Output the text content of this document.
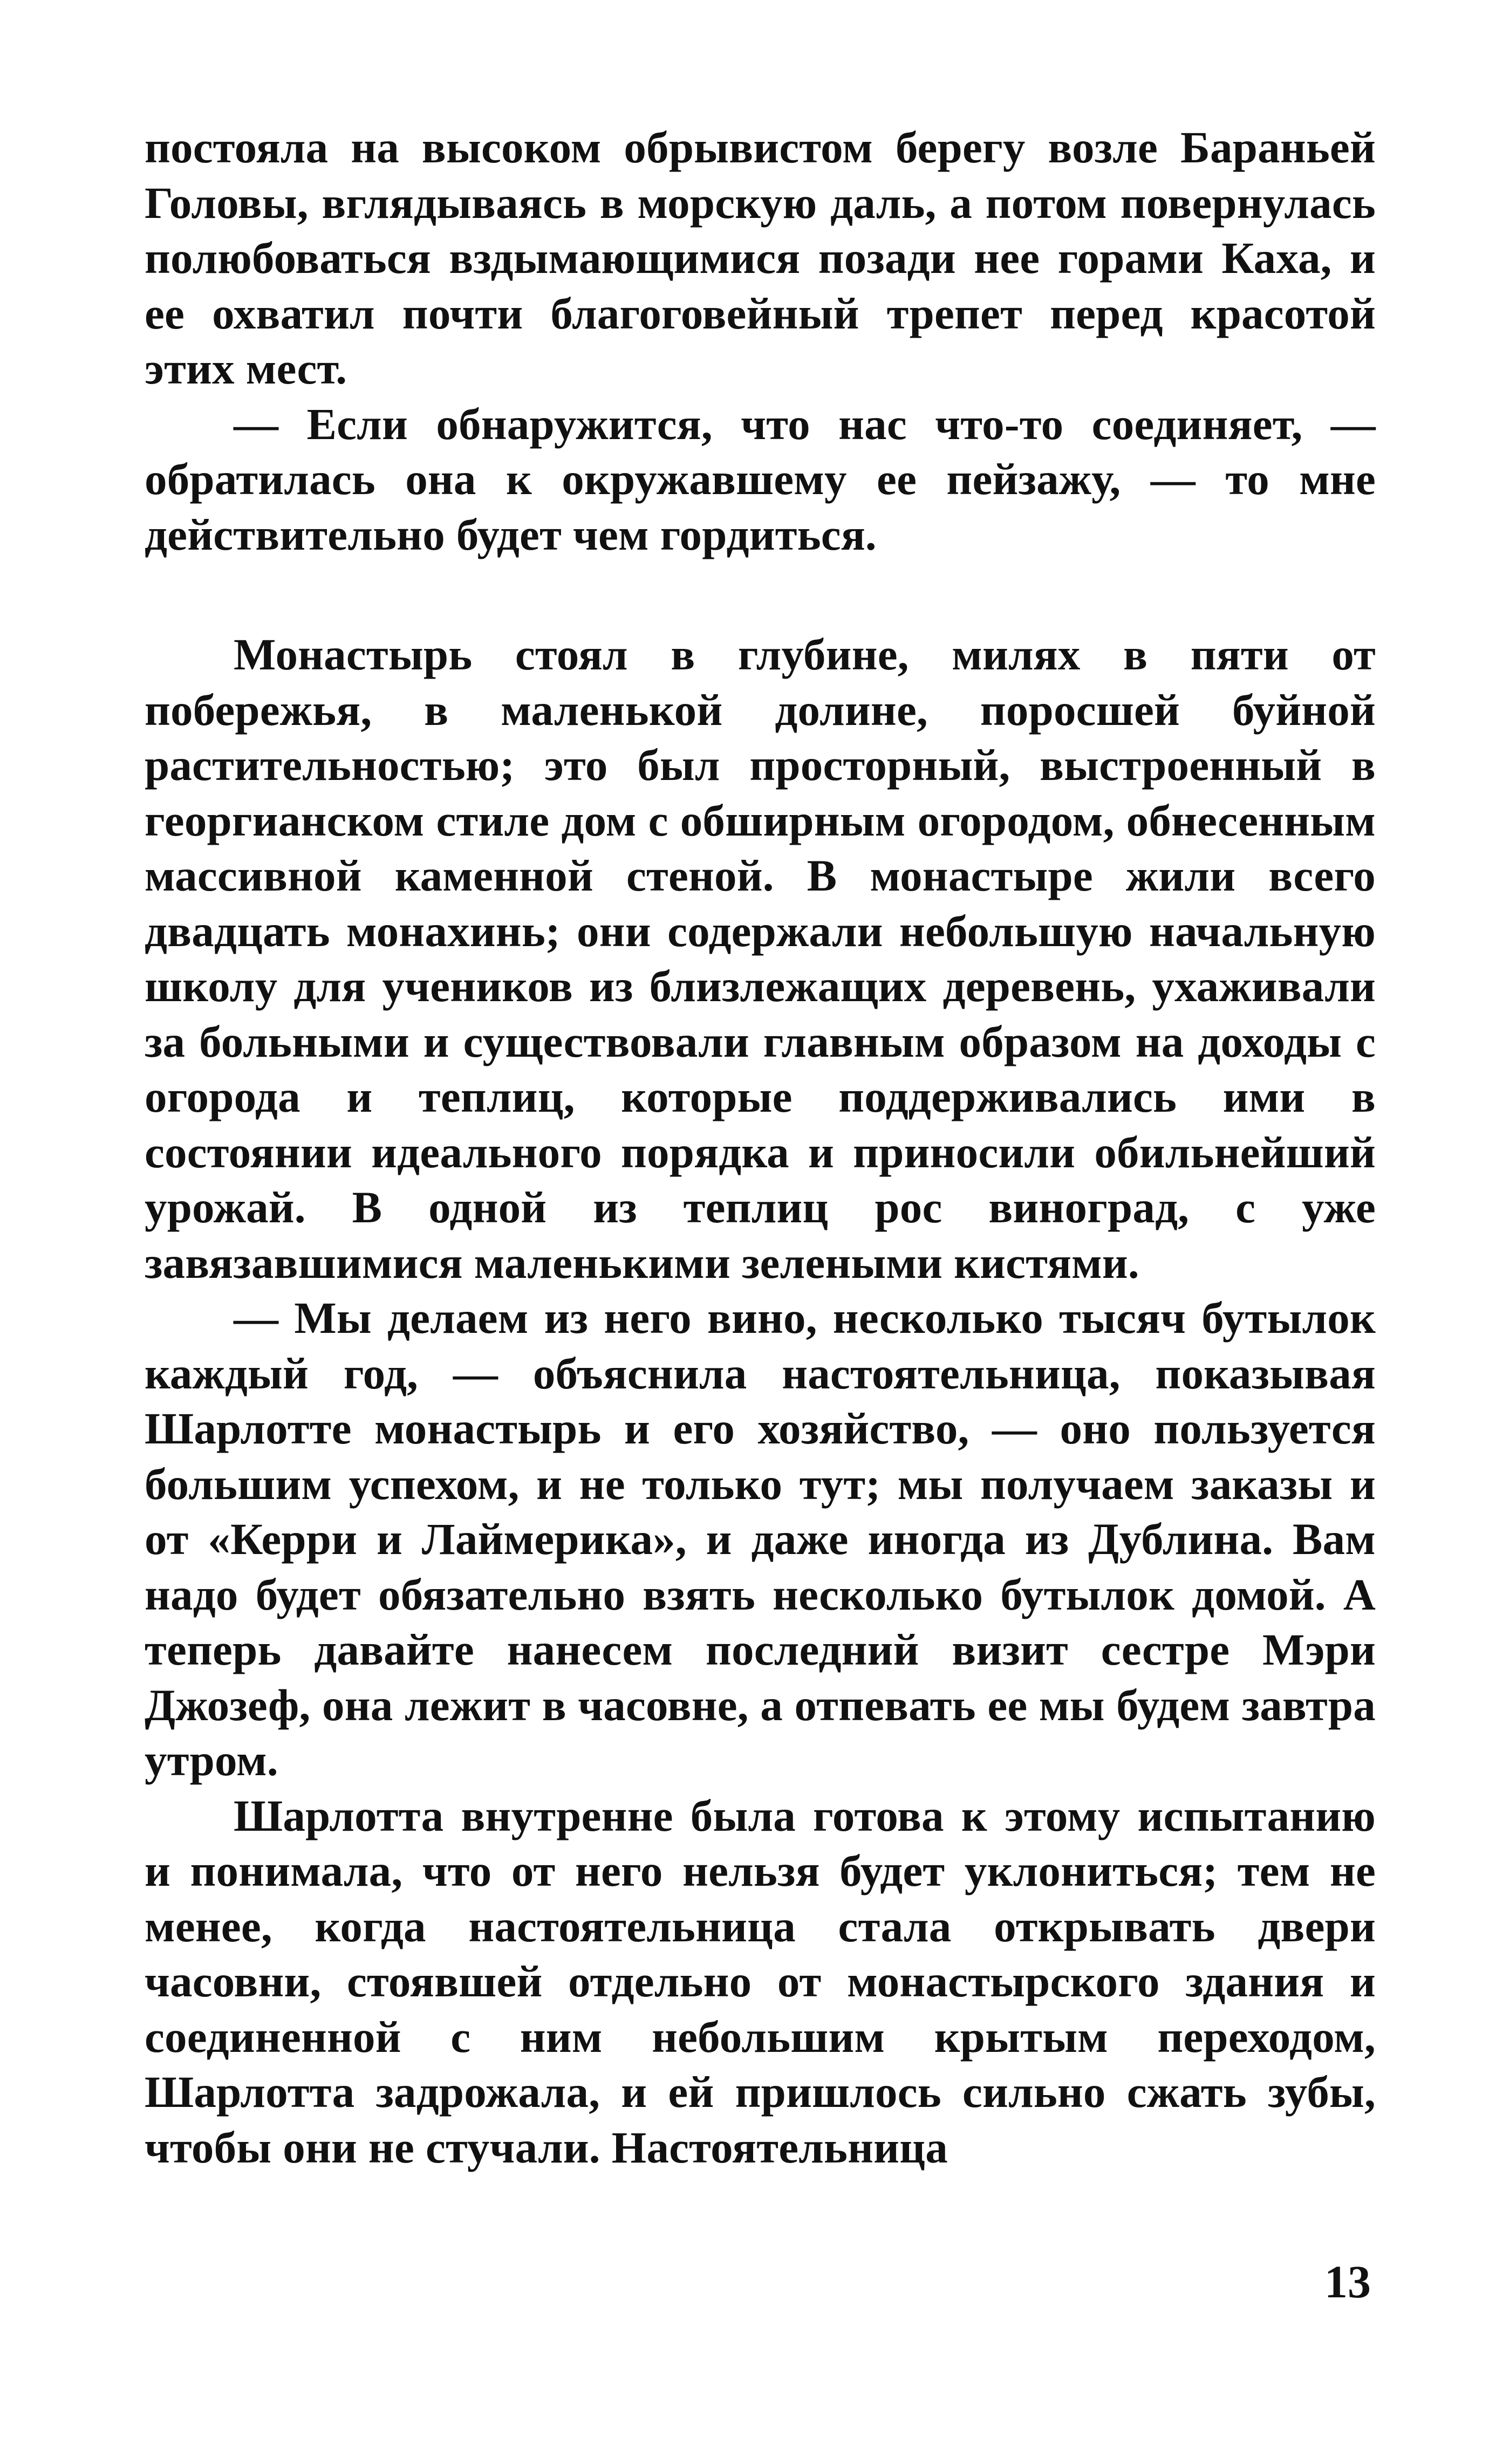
постояла на высоком обрывистом берегу возле Бараньей Головы, вглядываясь в морскую даль, а потом повернулась полюбоваться вздымающимися позади нее горами Каха, и ее охватил почти благоговейный трепет перед красотой этих мест.

— Если обнаружится, что нас что-то соединяет, — обратилась она к окружавшему ее пейзажу, — то мне действительно будет чем гордиться.

Монастырь стоял в глубине, милях в пяти от побережья, в маленькой долине, поросшей буйной растительностью; это был просторный, выстроенный в георгианском стиле дом с обширным огородом, обнесенным массивной каменной стеной. В монастыре жили всего двадцать монахинь; они содержали небольшую начальную школу для учеников из близлежащих деревень, ухаживали за больными и существовали главным образом на доходы с огорода и теплиц, которые поддерживались ими в состоянии идеального порядка и приносили обильнейший урожай. В одной из теплиц рос виноград, с уже завязавшимися маленькими зелеными кистями.

— Мы делаем из него вино, несколько тысяч бутылок каждый год, — объяснила настоятельница, показывая Шарлотте монастырь и его хозяйство, — оно пользуется большим успехом, и не только тут; мы получаем заказы и от «Керри и Лаймерика», и даже иногда из Дублина. Вам надо будет обязательно взять несколько бутылок домой. А теперь давайте нанесем последний визит сестре Мэри Джозеф, она лежит в часовне, а отпевать ее мы будем завтра утром.

Шарлотта внутренне была готова к этому испытанию и понимала, что от него нельзя будет уклониться; тем не менее, когда настоятельница стала открывать двери часовни, стоявшей отдельно от монастырского здания и соединенной с ним небольшим крытым переходом, Шарлотта задрожала, и ей пришлось сильно сжать зубы, чтобы они не стучали. Настоятельница

13
